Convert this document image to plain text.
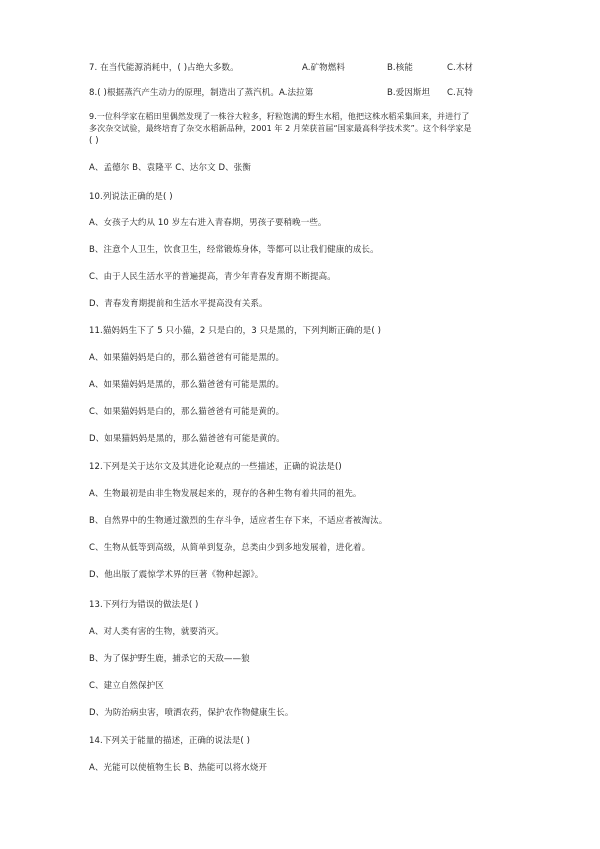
7. 在当代能源消耗中，( )占绝大多数。	A.矿物燃料	B.核能	C.木材
8.( )根据蒸汽产生动力的原理，制造出了蒸汽机。A.法拉第	B.爱因斯坦 C.瓦特
9.一位科学家在稻田里偶然发现了一株谷大粒多，籽粒饱满的野生水稻，他把这株水稻采集回来，并进行了
多次杂交试验，最终培育了杂交水稻新品种，2001 年 2 月荣获首届“国家最高科学技术奖”。这个科学家是
( )
A、孟德尔 B、袁隆平 C、达尔文 D、张衡
10.列说法正确的是( )
A、女孩子大约从 10 岁左右进入青春期，男孩子要稍晚一些。
B、注意个人卫生，饮食卫生，经常锻炼身体，等都可以让我们健康的成长。
C、由于人民生活水平的普遍提高，青少年青春发育期不断提高。
D、青春发育期提前和生活水平提高没有关系。
11.猫妈妈生下了 5 只小猫，2 只是白的，3 只是黑的，下列判断正确的是( )
A、如果猫妈妈是白的，那么猫爸爸有可能是黑的。
A、如果猫妈妈是黑的，那么猫爸爸有可能是黑的。
C、如果猫妈妈是白的，那么猫爸爸有可能是黄的。
D、如果猫妈妈是黑的，那么猫爸爸有可能是黄的。
12.下列是关于达尔文及其进化论观点的一些描述，正确的说法是()
A、生物最初是由非生物发展起来的，现存的各种生物有着共同的祖先。
B、自然界中的生物通过激烈的生存斗争，适应者生存下来，不适应者被淘汰。
C、生物从低等到高级，从简单到复杂，总类由少到多地发展着，进化着。
D、他出版了震惊学术界的巨著《物种起源》。
13.下列行为错误的做法是( )
A、对人类有害的生物，就要消灭。
B、为了保护野生鹿，捕杀它的天敌——狼
C、建立自然保护区
D、为防治病虫害，喷洒农药，保护农作物健康生长。
14.下列关于能量的描述，正确的说法是( )
A、光能可以使植物生长 B、热能可以将水烧开
